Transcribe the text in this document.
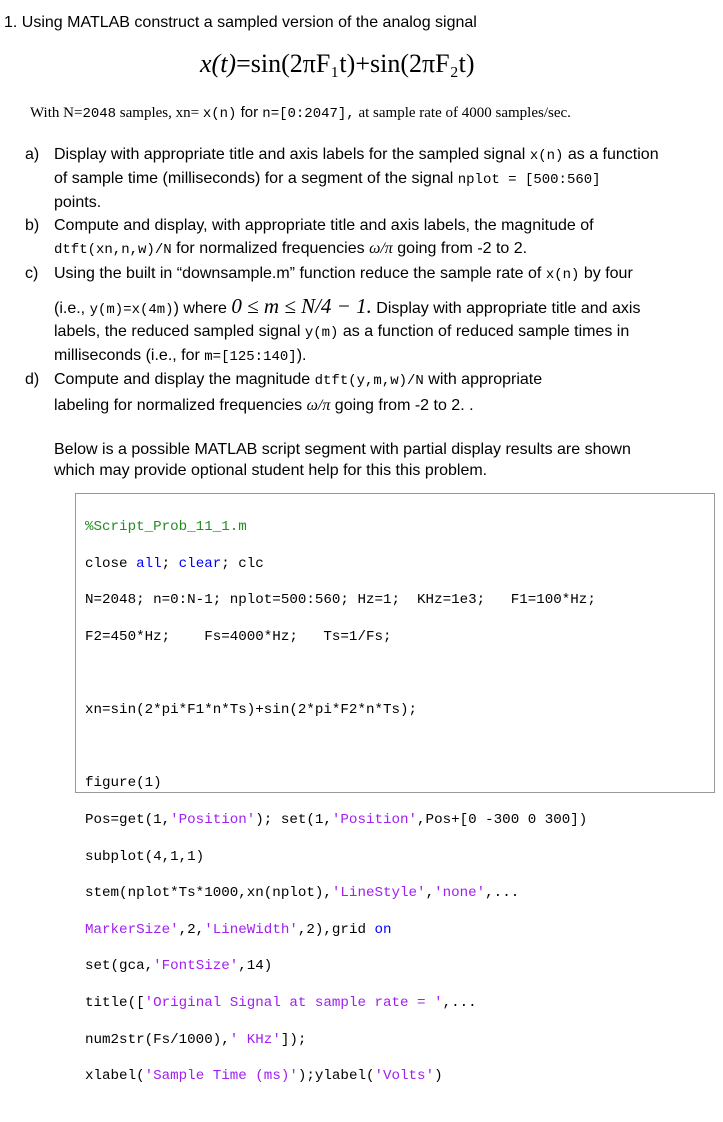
1. Using MATLAB construct a sampled version of the analog signal
x(t)=sin(2πF₁t)+sin(2πF₂t)
With N=2048 samples, xn= x(n) for n=[0:2047], at sample rate of 4000 samples/sec.
a) Display with appropriate title and axis labels for the sampled signal x(n) as a function
of sample time (milliseconds) for a segment of the signal nplot = [500:560]
points.
b) Compute and display, with appropriate title and axis labels, the magnitude of
dtft(xn,n,w)/N for normalized frequencies ω/π going from -2 to 2.
c) Using the built in “downsample.m” function reduce the sample rate of x(n) by four
(i.e., y(m)=x(4m)) where 0 ≤ m ≤ N/4 − 1. Display with appropriate title and axis
labels, the reduced sampled signal y(m) as a function of reduced sample times in
milliseconds (i.e., for m=[125:140]).
d) Compute and display the magnitude dtft(y,m,w)/N with appropriate
labeling for normalized frequencies ω/π going from -2 to 2. .
Below is a possible MATLAB script segment with partial display results are shown
which may provide optional student help for this this problem.

%Script_Prob_11_1.m

close all; clear; clc

N=2048; n=0:N-1; nplot=500:560; Hz=1;  KHz=1e3;   F1=100*Hz;

F2=450*Hz;    Fs=4000*Hz;   Ts=1/Fs;

xn=sin(2*pi*F1*n*Ts)+sin(2*pi*F2*n*Ts);

figure(1)

Pos=get(1,'Position'); set(1,'Position',Pos+[0 -300 0 300])

subplot(4,1,1)

stem(nplot*Ts*1000,xn(nplot),'LineStyle','none',...

MarkerSize',2,'LineWidth',2),grid on

set(gca,'FontSize',14)

title(['Original Signal at sample rate = ',...

num2str(Fs/1000),' KHz']);

xlabel('Sample Time (ms)');ylabel('Volts')
